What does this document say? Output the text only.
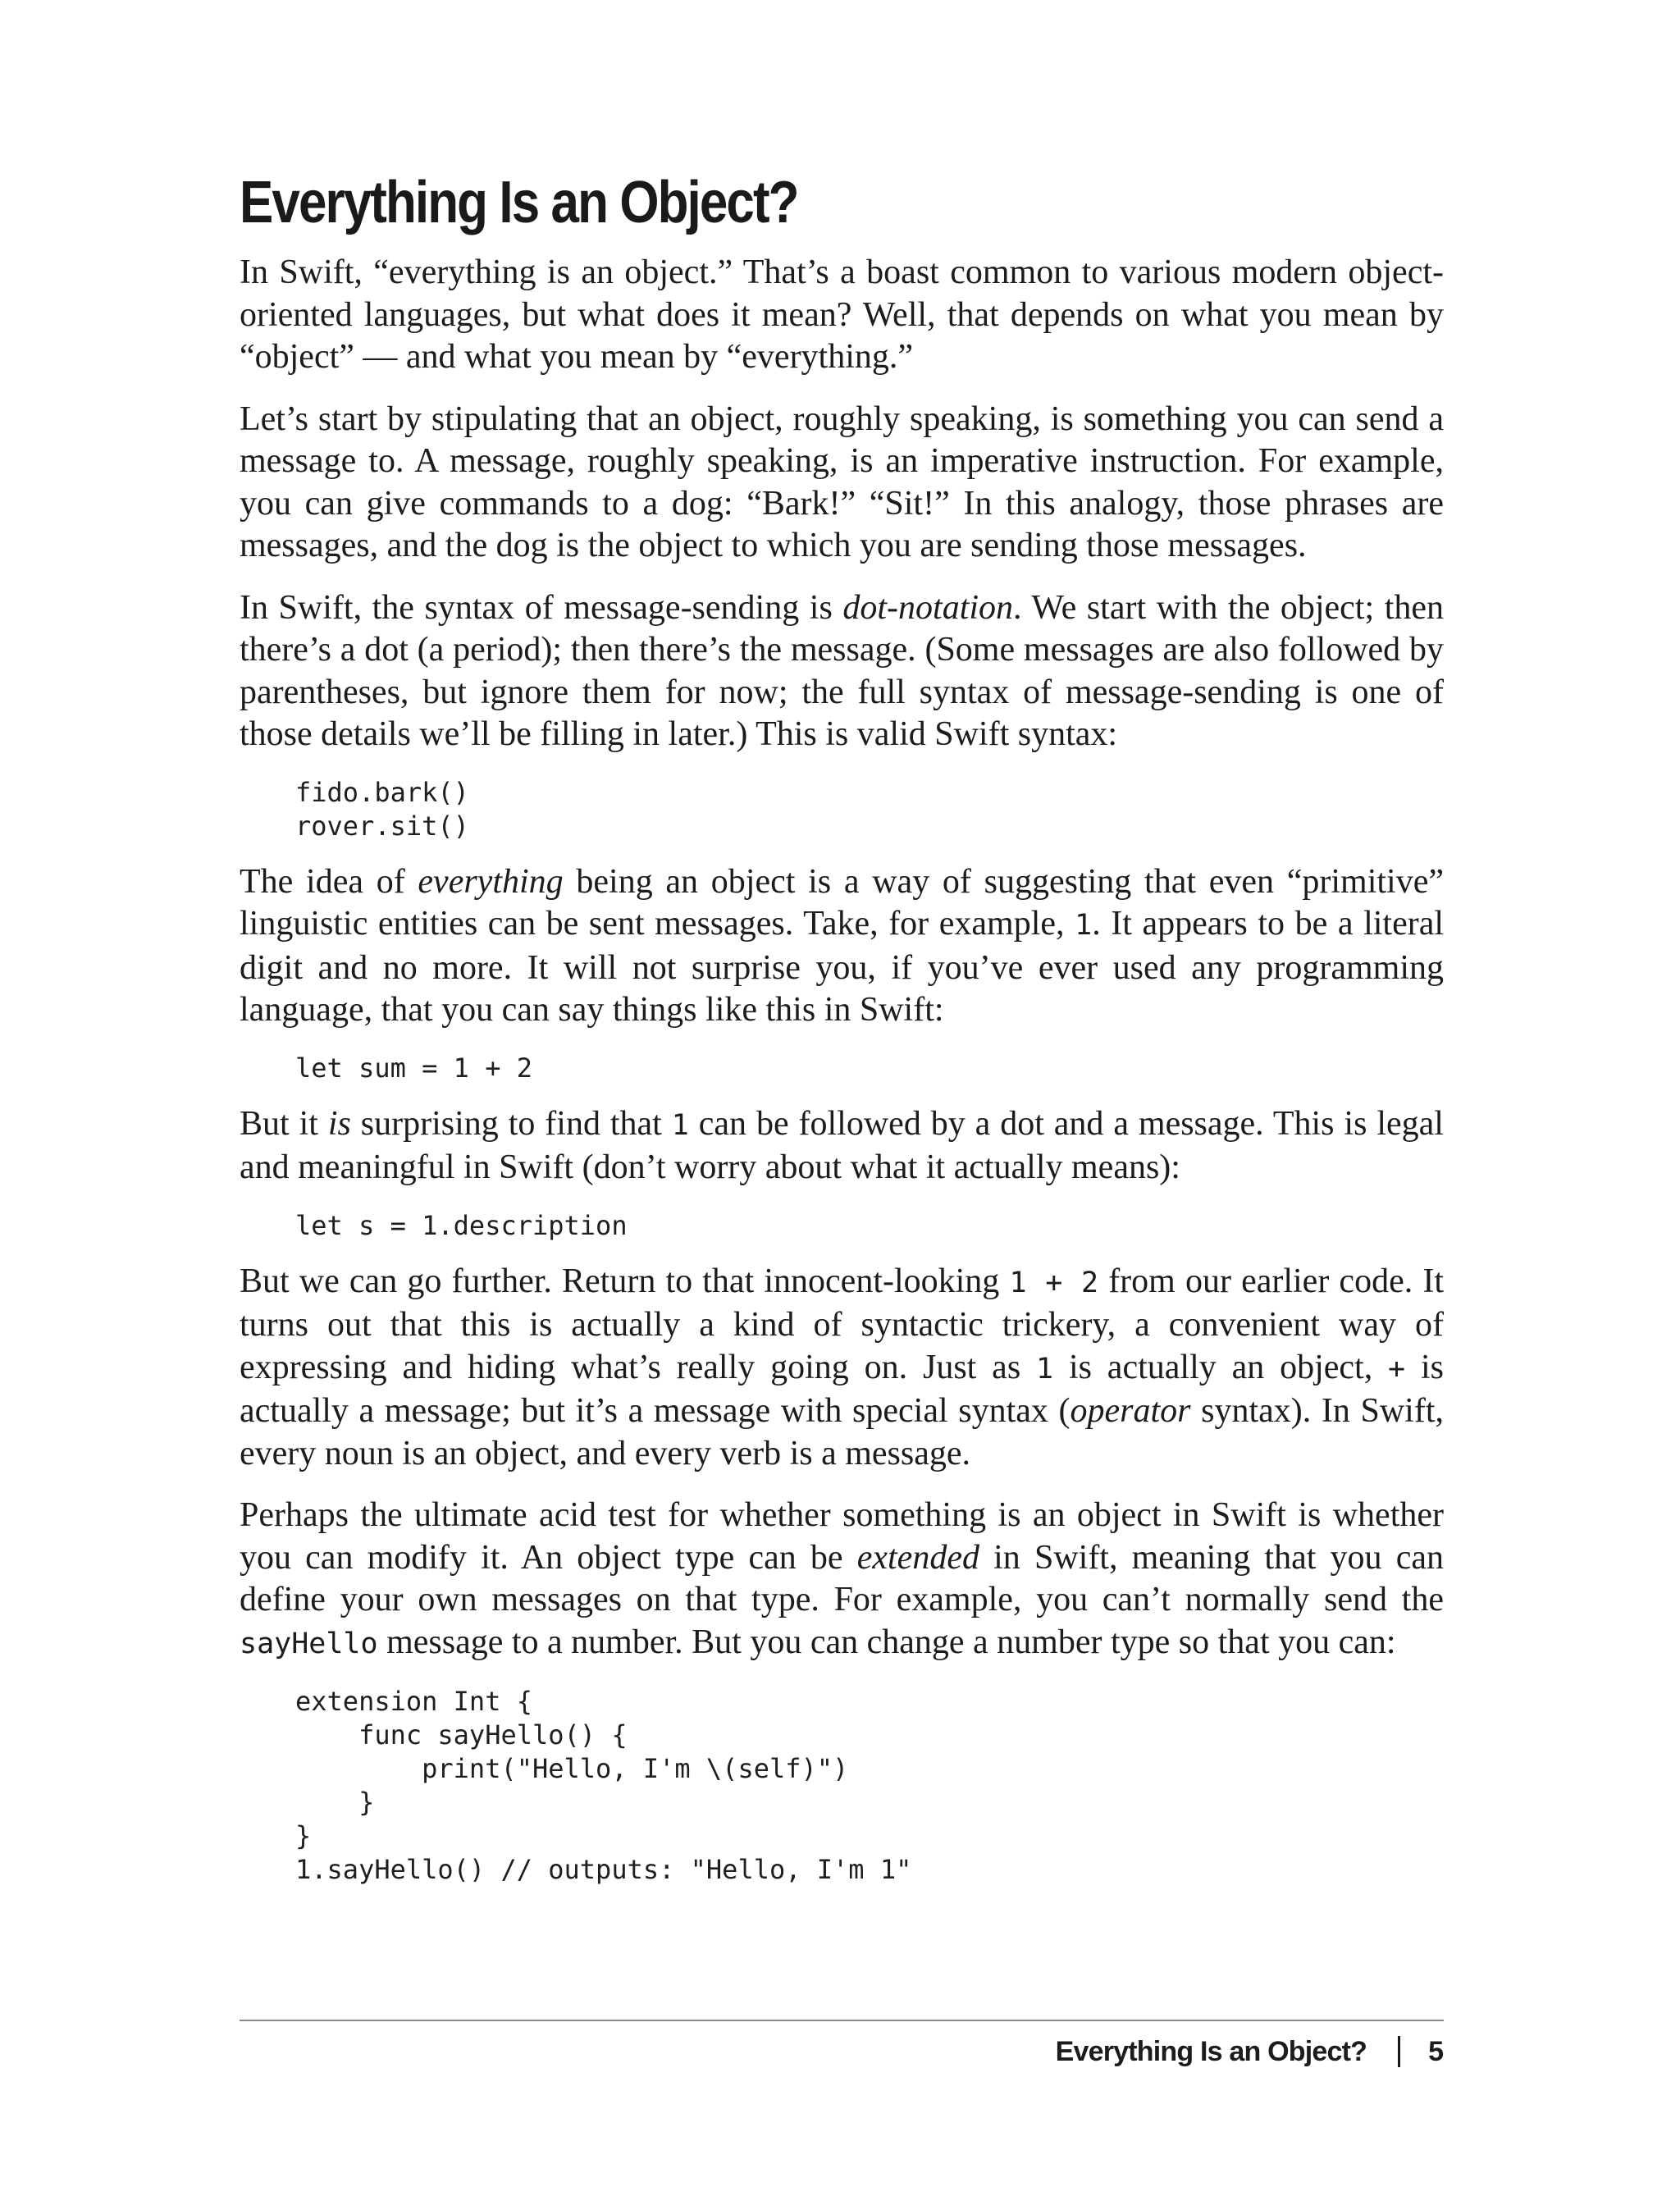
Everything Is an Object?

In Swift, “everything is an object.” That’s a boast common to various modern object-oriented languages, but what does it mean? Well, that depends on what you mean by “object” — and what you mean by “everything.”

Let’s start by stipulating that an object, roughly speaking, is something you can send a message to. A message, roughly speaking, is an imperative instruction. For example, you can give commands to a dog: “Bark!” “Sit!” In this analogy, those phrases are messages, and the dog is the object to which you are sending those messages.

In Swift, the syntax of message-sending is dot-notation. We start with the object; then there’s a dot (a period); then there’s the message. (Some messages are also followed by parentheses, but ignore them for now; the full syntax of message-sending is one of those details we’ll be filling in later.) This is valid Swift syntax:

fido.bark()
rover.sit()

The idea of everything being an object is a way of suggesting that even “primitive” linguistic entities can be sent messages. Take, for example, 1. It appears to be a literal digit and no more. It will not surprise you, if you’ve ever used any programming language, that you can say things like this in Swift:

let sum = 1 + 2

But it is surprising to find that 1 can be followed by a dot and a message. This is legal and meaningful in Swift (don’t worry about what it actually means):

let s = 1.description

But we can go further. Return to that innocent-looking 1 + 2 from our earlier code. It turns out that this is actually a kind of syntactic trickery, a convenient way of expressing and hiding what’s really going on. Just as 1 is actually an object, + is actually a message; but it’s a message with special syntax (operator syntax). In Swift, every noun is an object, and every verb is a message.

Perhaps the ultimate acid test for whether something is an object in Swift is whether you can modify it. An object type can be extended in Swift, meaning that you can define your own messages on that type. For example, you can’t normally send the sayHello message to a number. But you can change a number type so that you can:

extension Int {
func sayHello() {
print("Hello, I'm \(self)")
}
}
1.sayHello() // outputs: "Hello, I'm 1"
Everything Is an Object? 5
